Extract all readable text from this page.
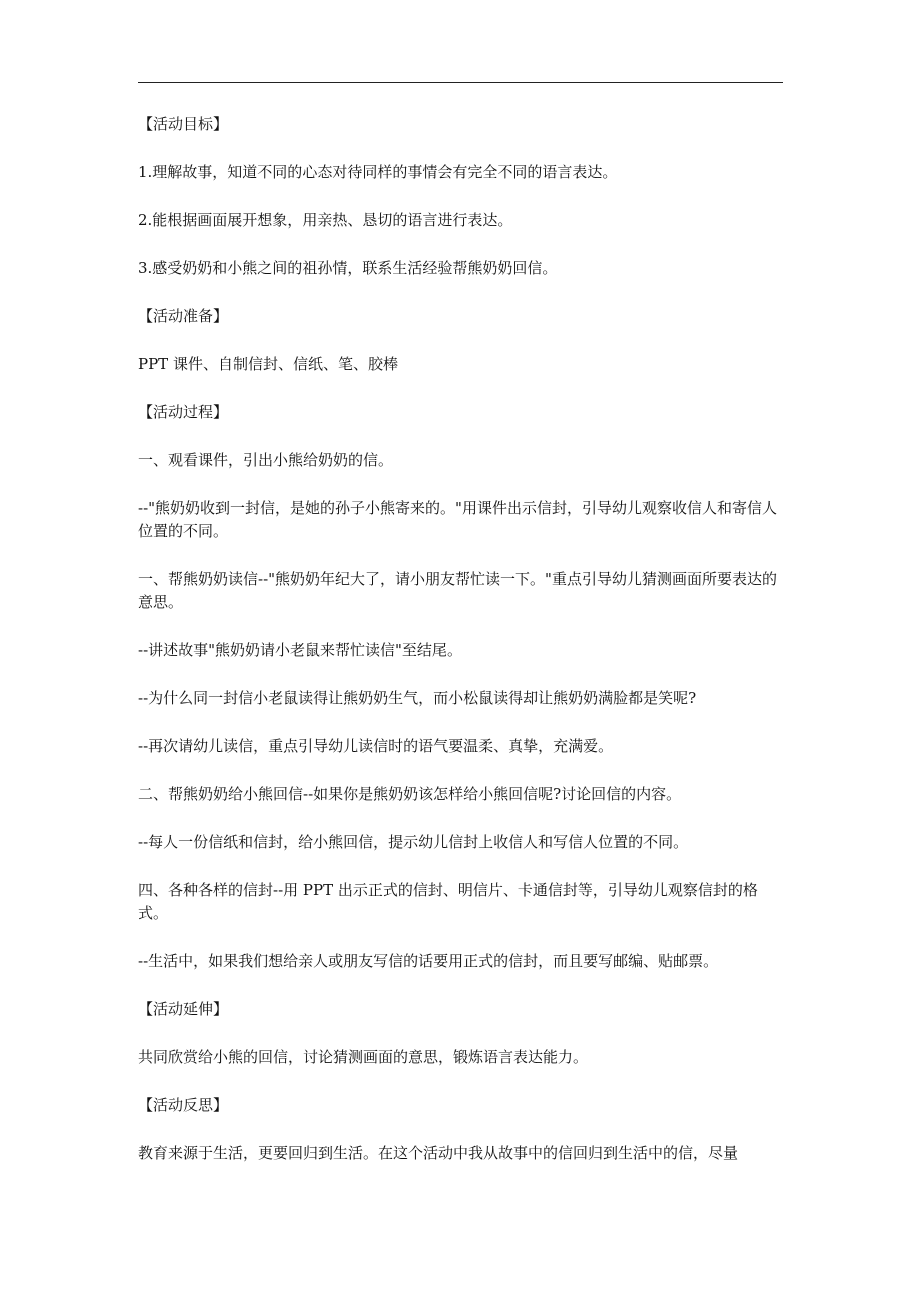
【活动目标】

1.理解故事，知道不同的心态对待同样的事情会有完全不同的语言表达。

2.能根据画面展开想象，用亲热、恳切的语言进行表达。

3.感受奶奶和小熊之间的祖孙情，联系生活经验帮熊奶奶回信。

【活动准备】

PPT 课件、自制信封、信纸、笔、胶棒

【活动过程】

一、观看课件，引出小熊给奶奶的信。

--"熊奶奶收到一封信，是她的孙子小熊寄来的。"用课件出示信封，引导幼儿观察收信人和寄信人位置的不同。

一、帮熊奶奶读信--"熊奶奶年纪大了，请小朋友帮忙读一下。"重点引导幼儿猜测画面所要表达的意思。

--讲述故事"熊奶奶请小老鼠来帮忙读信"至结尾。

--为什么同一封信小老鼠读得让熊奶奶生气，而小松鼠读得却让熊奶奶满脸都是笑呢?

--再次请幼儿读信，重点引导幼儿读信时的语气要温柔、真挚，充满爱。

二、帮熊奶奶给小熊回信--如果你是熊奶奶该怎样给小熊回信呢?讨论回信的内容。

--每人一份信纸和信封，给小熊回信，提示幼儿信封上收信人和写信人位置的不同。

四、各种各样的信封--用 PPT 出示正式的信封、明信片、卡通信封等，引导幼儿观察信封的格式。

--生活中，如果我们想给亲人或朋友写信的话要用正式的信封，而且要写邮编、贴邮票。

【活动延伸】

共同欣赏给小熊的回信，讨论猜测画面的意思，锻炼语言表达能力。

【活动反思】

教育来源于生活，更要回归到生活。在这个活动中我从故事中的信回归到生活中的信，尽量
